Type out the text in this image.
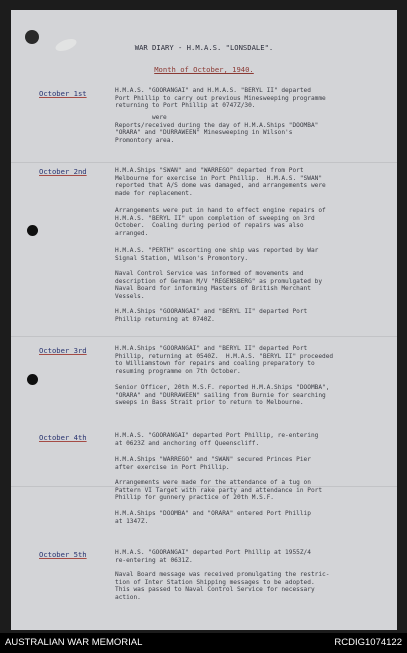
WAR DIARY - H.M.A.S. "LONSDALE".
Month of October, 1940.
October 1st	H.M.A.S. "GOORANGAI" and H.M.A.S. "BERYL II" departed
Port Phillip to carry out previous Minesweeping programme
returning to Port Phillip at 0747Z/30.
were
Reports/received during the day of H.M.A.Ships "DOOMBA"
"ORARA" and "DURRAWEEN" Minesweeping in Wilson's
Promontory area.
October 2nd	H.M.A.Ships "SWAN" and "WARREGO" departed from Port
Melbourne for exercise in Port Phillip.  H.M.A.S. "SWAN"
reported that A/S dome was damaged, and arrangements were
made for replacement.
Arrangements were put in hand to effect engine repairs of
H.M.A.S. "BERYL II" upon completion of sweeping on 3rd
October.  Coaling during period of repairs was also
arranged.
H.M.A.S. "PERTH" escorting one ship was reported by War
Signal Station, Wilson's Promontory.
Naval Control Service was informed of movements and
description of German M/V "REGENSBERG" as promulgated by
Naval Board for informing Masters of British Merchant
Vessels.
H.M.A.Ships "GOORANGAI" and "BERYL II" departed Port
Phillip returning at 0740Z.
October 3rd	H.M.A.Ships "GOORANGAI" and "BERYL II" departed Port
Phillip, returning at 0540Z.  H.M.A.S. "BERYL II" proceeded
to Williamstown for repairs and coaling preparatory to
resuming programme on 7th October.
Senior Officer, 20th M.S.F. reported H.M.A.Ships "DOOMBA",
"ORARA" and "DURRAWEEN" sailing from Burnie for searching
sweeps in Bass Strait prior to return to Melbourne.
October 4th	H.M.A.S. "GOORANGAI" departed Port Phillip, re-entering
at 0623Z and anchoring off Queenscliff.
H.M.A.Ships "WARREGO" and "SWAN" secured Princes Pier
after exercise in Port Phillip.
Arrangements were made for the attendance of a tug on
Pattern VI Target with rake party and attendance in Port
Phillip for gunnery practice of 20th M.S.F.
H.M.A.Ships "DOOMBA" and "ORARA" entered Port Phillip
at 1347Z.
October 5th	H.M.A.S. "GOORANGAI" departed Port Phillip at 1955Z/4
re-entering at 0631Z.
Naval Board message was received promulgating the restric-
tion of Inter Station Shipping messages to be adopted.
This was passed to Naval Control Service for necessary
action.
AUSTRALIAN WAR MEMORIAL	RCDIG1074122
